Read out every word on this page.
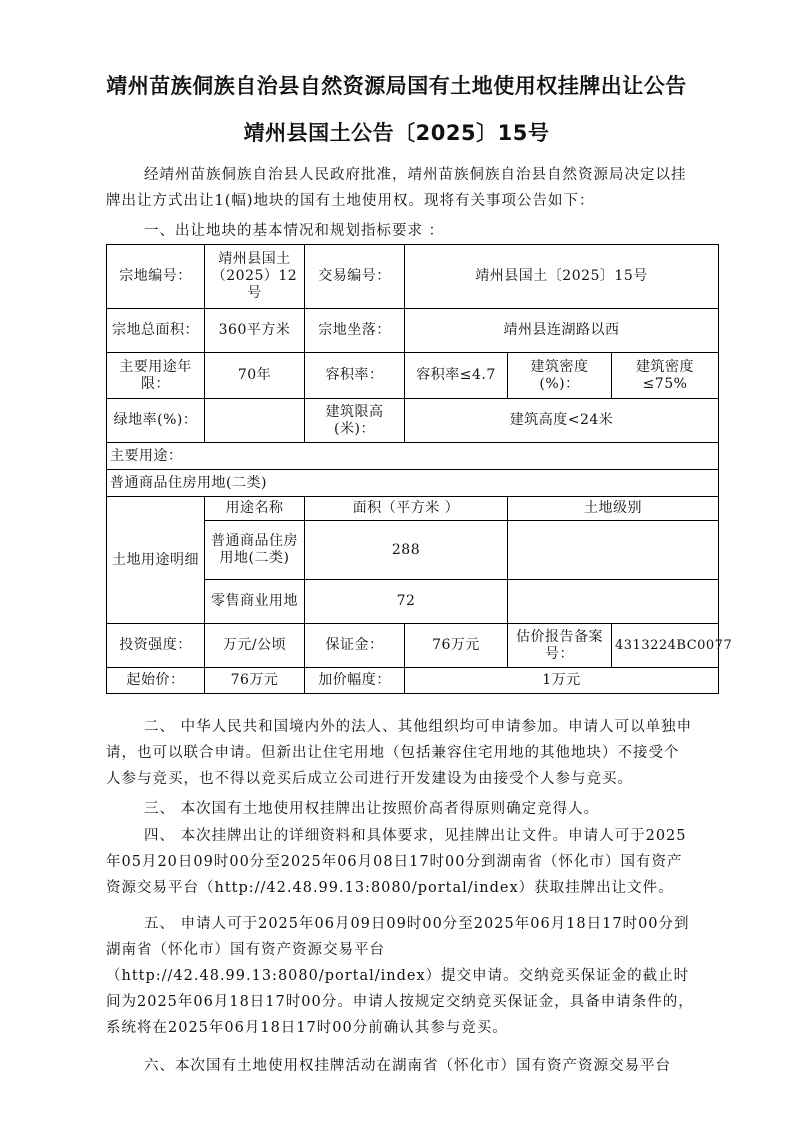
靖州苗族侗族自治县自然资源局国有土地使用权挂牌出让公告
靖州县国土公告〔2025〕15号
经靖州苗族侗族自治县人民政府批准，靖州苗族侗族自治县自然资源局决定以挂牌出让方式出让1(幅)地块的国有土地使用权。现将有关事项公告如下：
一、出让地块的基本情况和规划指标要求 ：
宗地编号：	靖州县国土（2025）12号	交易编号：	靖州县国土〔2025〕15号		
宗地总面积：	360平方米	宗地坐落：	靖州县连湖路以西		
主要用途年限：	70年	容积率：	容积率≤4.7	建筑密度(%)：	建筑密度≤75%
绿地率(%)：		建筑限高(米)：	建筑高度<24米		
主要用途：					
普通商品住房用地(二类)					
土地用途明细	用途名称	面积（平方米 ）		土地级别	
	普通商品住房用地(二类)	288			
	零售商业用地	72			
投资强度：	万元/公顷	保证金：	76万元	估价报告备案号：	4313224BC0077
起始价：	76万元	加价幅度：	1万元		
二、 中华人民共和国境内外的法人、其他组织均可申请参加。申请人可以单独申请，也可以联合申请。但新出让住宅用地（包括兼容住宅用地的其他地块）不接受个人参与竞买，也不得以竞买后成立公司进行开发建设为由接受个人参与竞买。
三、 本次国有土地使用权挂牌出让按照价高者得原则确定竞得人。
四、 本次挂牌出让的详细资料和具体要求，见挂牌出让文件。申请人可于2025年05月20日09时00分至2025年06月08日17时00分到湖南省（怀化市）国有资产资源交易平台（http://42.48.99.13:8080/portal/index）获取挂牌出让文件。
五、 申请人可于2025年06月09日09时00分至2025年06月18日17时00分到湖南省（怀化市）国有资产资源交易平台（http://42.48.99.13:8080/portal/index）提交申请。交纳竞买保证金的截止时间为2025年06月18日17时00分。申请人按规定交纳竞买保证金，具备申请条件的，系统将在2025年06月18日17时00分前确认其参与竞买。
六、本次国有土地使用权挂牌活动在湖南省（怀化市）国有资产资源交易平台
